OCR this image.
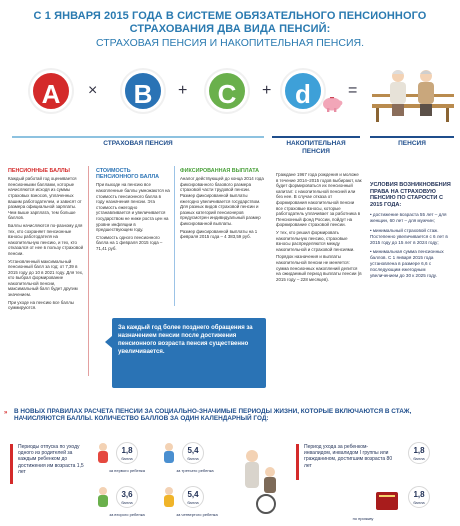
С 1 ЯНВАРЯ 2015 ГОДА В СИСТЕМЕ ОБЯЗАТЕЛЬНОГО ПЕНСИОННОГО
СТРАХОВАНИЯ ДВА ВИДА ПЕНСИЙ:
СТРАХОВАЯ ПЕНСИЯ И НАКОПИТЕЛЬНАЯ ПЕНСИЯ.
A	×	B	+	C	+ d	=
СТРАХОВАЯ ПЕНСИЯ	НАКОПИТЕЛЬНАЯ ПЕНСИЯ
ПЕНСИЯ
ПЕНСИОННЫЕ БАЛЛЫ

Каждый работай год оценивается пенсионными баллами, которые начисляются исходя из суммы страховых взносов, уплаченных вашим работодателем, и зависят от размера официальной зарплаты. Чем выше зарплата, тем больше баллов.

Баллы начисляются по-разному для тех, кто сохраняет пенсионные взносы работодателя на накопительную пенсию, и тех, кто отказался от нее в пользу страховой пенсии.

Установленный максимальный пенсионный балл за год: от 7,39 в 2015 году до 10 в 2021 году. Для тех, кто выбрал формирование накопительной пенсии, максимальный балл будет другим значением.

При уходе на пенсию все баллы суммируются.

СТОИМОСТЬ ПЕНСИОННОГО БАЛЛА

При выходе на пенсию все накопленные баллы умножаются на стоимость пенсионного балла в году назначения пенсии. Эта стоимость ежегодно устанавливается и увеличивается государством не ниже роста цен на уровне инфляции в предшествующем году.

Стоимость одного пенсионного балла на 1 февраля 2015 года – 71,41 руб.

ФИКСИРОВАННАЯ ВЫПЛАТА

Аналог действующей до конца 2014 года фиксированного базового размера страховой части трудовой пенсии. Размер фиксированной выплаты ежегодно увеличивается государством. Для разных видов страховой пенсии и разных категорий пенсионеров предусмотрен индивидуальный размер фиксированной выплаты.

Размер фиксированной выплаты на 1 февраля 2015 года – 4 383,59 руб.

Граждане 1967 года рождения и моложе в течение 2014–2015 годов выбирают, как будет формироваться их пенсионный капитал: с накопительной пенсией или без нее. В случае отказа от формирования накопительной пенсии все страховые взносы, которые работодатель уплачивает за работника в Пенсионный фонд России, пойдут на формирование страховой пенсии.

У тех, кто решил формировать накопительную пенсию, страховые взносы распределяются между накопительной и страховой пенсиями.

Порядок назначения и выплаты накопительной пенсии не меняется: сумма пенсионных накоплений делится на ожидаемый период выплаты пенсии (в 2015 году – 228 месяцев).

УСЛОВИЯ ВОЗНИКНОВЕНИЯ ПРАВА НА СТРАХОВУЮ ПЕНСИЮ ПО СТАРОСТИ С 2015 ГОДА:

• достижение возраста 55 лет – для женщин, 60 лет – для мужчин;

• минимальный страховой стаж. Постепенно увеличивается с 6 лет в 2015 году до 15 лет в 2024 году;

• минимальная сумма пенсионных баллов. С 1 января 2015 года установлена в размере 6,6 с последующим ежегодным увеличением до 30 к 2025 году.

За каждый год более позднего обращения за назначением пенсии после достижения пенсионного возраста пенсия существенно увеличивается.
» В НОВЫХ ПРАВИЛАХ РАСЧЕТА ПЕНСИИ ЗА СОЦИАЛЬНО-ЗНАЧИМЫЕ ПЕРИОДЫ ЖИЗНИ, КОТОРЫЕ ВКЛЮЧАЮТСЯ В СТАЖ, НАЧИСЛЯЮТСЯ БАЛЛЫ. КОЛИЧЕСТВО БАЛЛОВ ЗА ОДИН КАЛЕНДАРНЫЙ ГОД:
Периоды отпуска по уходу одного из родителей за каждым ребенком до достижения им возраста 1,5 лет
1,8
балла
за первого ребенка
5,4
балла
за третьего ребенка
3,6
балла
за второго ребенка
5,4
балла
за четвертого ребенка
Период ухода за ребенком-инвалидом, инвалидом I группы или гражданином, достигшим возраста 80 лет
1,8
балла
1,8
балла
по призыву
